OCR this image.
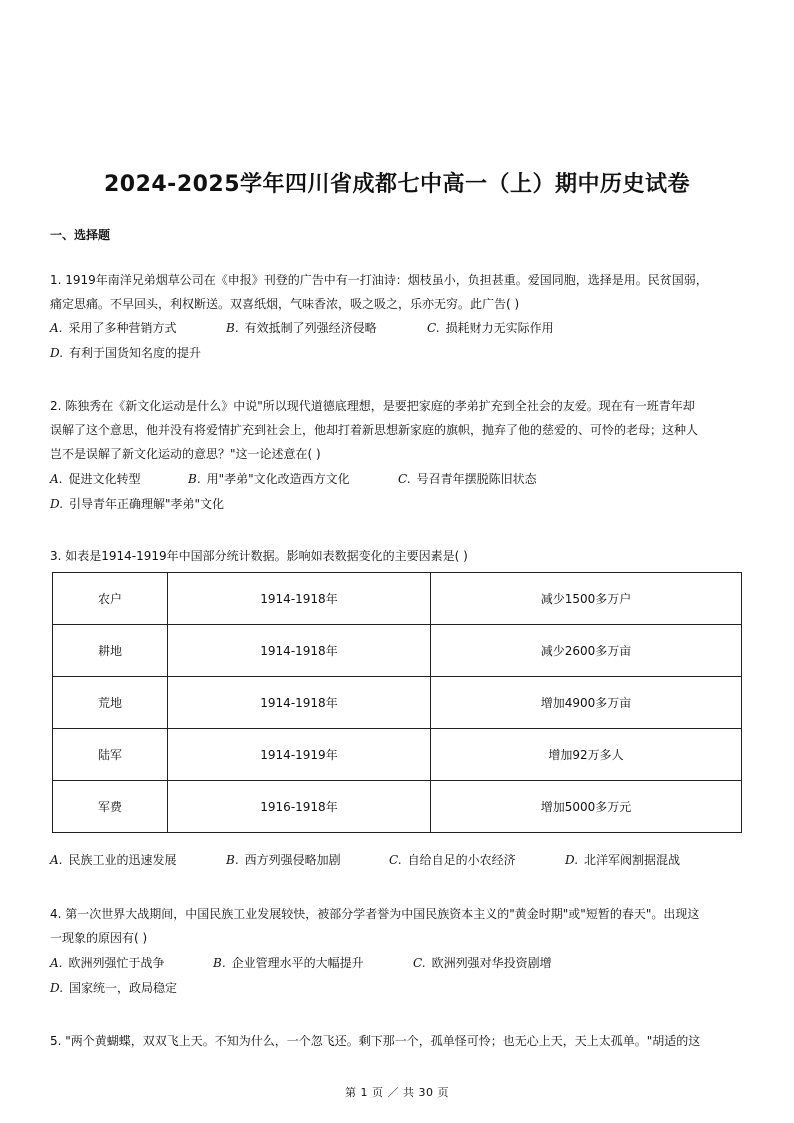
2024-2025学年四川省成都七中高一（上）期中历史试卷
一、选择题
1. 1919年南洋兄弟烟草公司在《申报》刊登的广告中有一打油诗：烟枝虽小，负担甚重。爱国同胞，选择是用。民贫国弱，
痛定思痛。不早回头，利权断送。双喜纸烟，气味香浓，吸之吸之，乐亦无穷。此广告( )
A. 采用了多种营销方式	B. 有效抵制了列强经济侵略	C. 损耗财力无实际作用
D. 有利于国货知名度的提升
2. 陈独秀在《新文化运动是什么》中说"所以现代道德底理想，是要把家庭的孝弟扩充到全社会的友爱。现在有一班青年却
误解了这个意思，他并没有将爱情扩充到社会上，他却打着新思想新家庭的旗帜，抛弃了他的慈爱的、可怜的老母；这种人
岂不是误解了新文化运动的意思？"这一论述意在( )
A. 促进文化转型	B. 用"孝弟"文化改造西方文化	C. 号召青年摆脱陈旧状态
D. 引导青年正确理解"孝弟"文化
3. 如表是1914-1919年中国部分统计数据。影响如表数据变化的主要因素是( )
农户	1914-1918年	减少1500多万户
耕地	1914-1918年	减少2600多万亩
荒地	1914-1918年	增加4900多万亩
陆军	1914-1919年	增加92万多人
军费	1916-1918年	增加5000多万元
A. 民族工业的迅速发展	B. 西方列强侵略加剧	C. 自给自足的小农经济	D. 北洋军阀割据混战
4. 第一次世界大战期间，中国民族工业发展较快，被部分学者誉为中国民族资本主义的"黄金时期"或"短暂的春天"。出现这
一现象的原因有( )
A. 欧洲列强忙于战争	B. 企业管理水平的大幅提升	C. 欧洲列强对华投资剧增
D. 国家统一，政局稳定
5. "两个黄蝴蝶，双双飞上天。不知为什么，一个忽飞还。剩下那一个，孤单怪可怜；也无心上天，天上太孤单。"胡适的这
第 1 页 ／ 共 30 页
